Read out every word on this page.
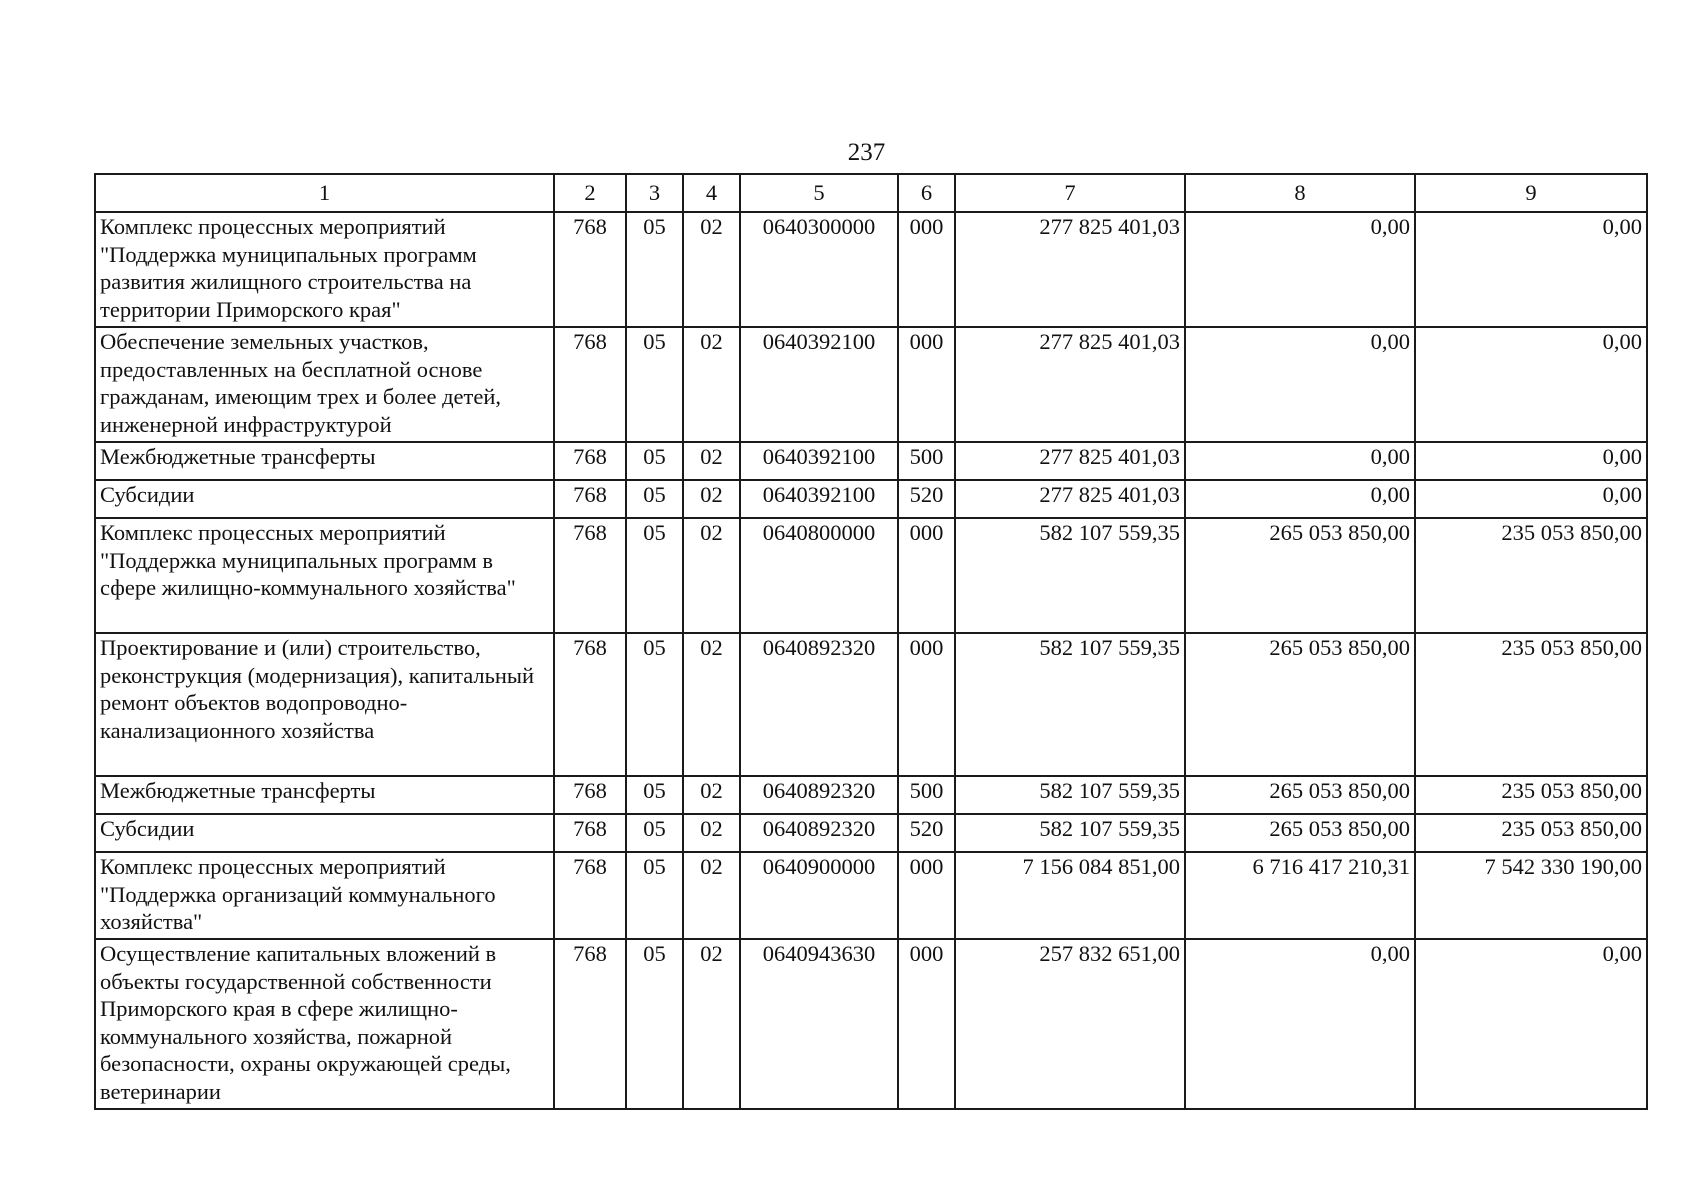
237
1	2	3	4	5	6	7	8	9
Комплекс процессных мероприятий "Поддержка муниципальных программ развития жилищного строительства на территории Приморского края"	768	05	02	0640300000	000	277 825 401,03	0,00	0,00
Обеспечение земельных участков, предоставленных на бесплатной основе гражданам, имеющим трех и более детей, инженерной инфраструктурой	768	05	02	0640392100	000	277 825 401,03	0,00	0,00
Межбюджетные трансферты	768	05	02	0640392100	500	277 825 401,03	0,00	0,00
Субсидии	768	05	02	0640392100	520	277 825 401,03	0,00	0,00
Комплекс процессных мероприятий "Поддержка муниципальных программ в сфере жилищно-коммунального хозяйства"	768	05	02	0640800000	000	582 107 559,35	265 053 850,00	235 053 850,00
Проектирование и (или) строительство, реконструкция (модернизация), капитальный ремонт объектов водопроводно-канализационного хозяйства	768	05	02	0640892320	000	582 107 559,35	265 053 850,00	235 053 850,00
Межбюджетные трансферты	768	05	02	0640892320	500	582 107 559,35	265 053 850,00	235 053 850,00
Субсидии	768	05	02	0640892320	520	582 107 559,35	265 053 850,00	235 053 850,00
Комплекс процессных мероприятий "Поддержка организаций коммунального хозяйства"	768	05	02	0640900000	000	7 156 084 851,00	6 716 417 210,31	7 542 330 190,00
Осуществление капитальных вложений в объекты государственной собственности Приморского края в сфере жилищно-коммунального хозяйства, пожарной безопасности, охраны окружающей среды, ветеринарии	768	05	02	0640943630	000	257 832 651,00	0,00	0,00
